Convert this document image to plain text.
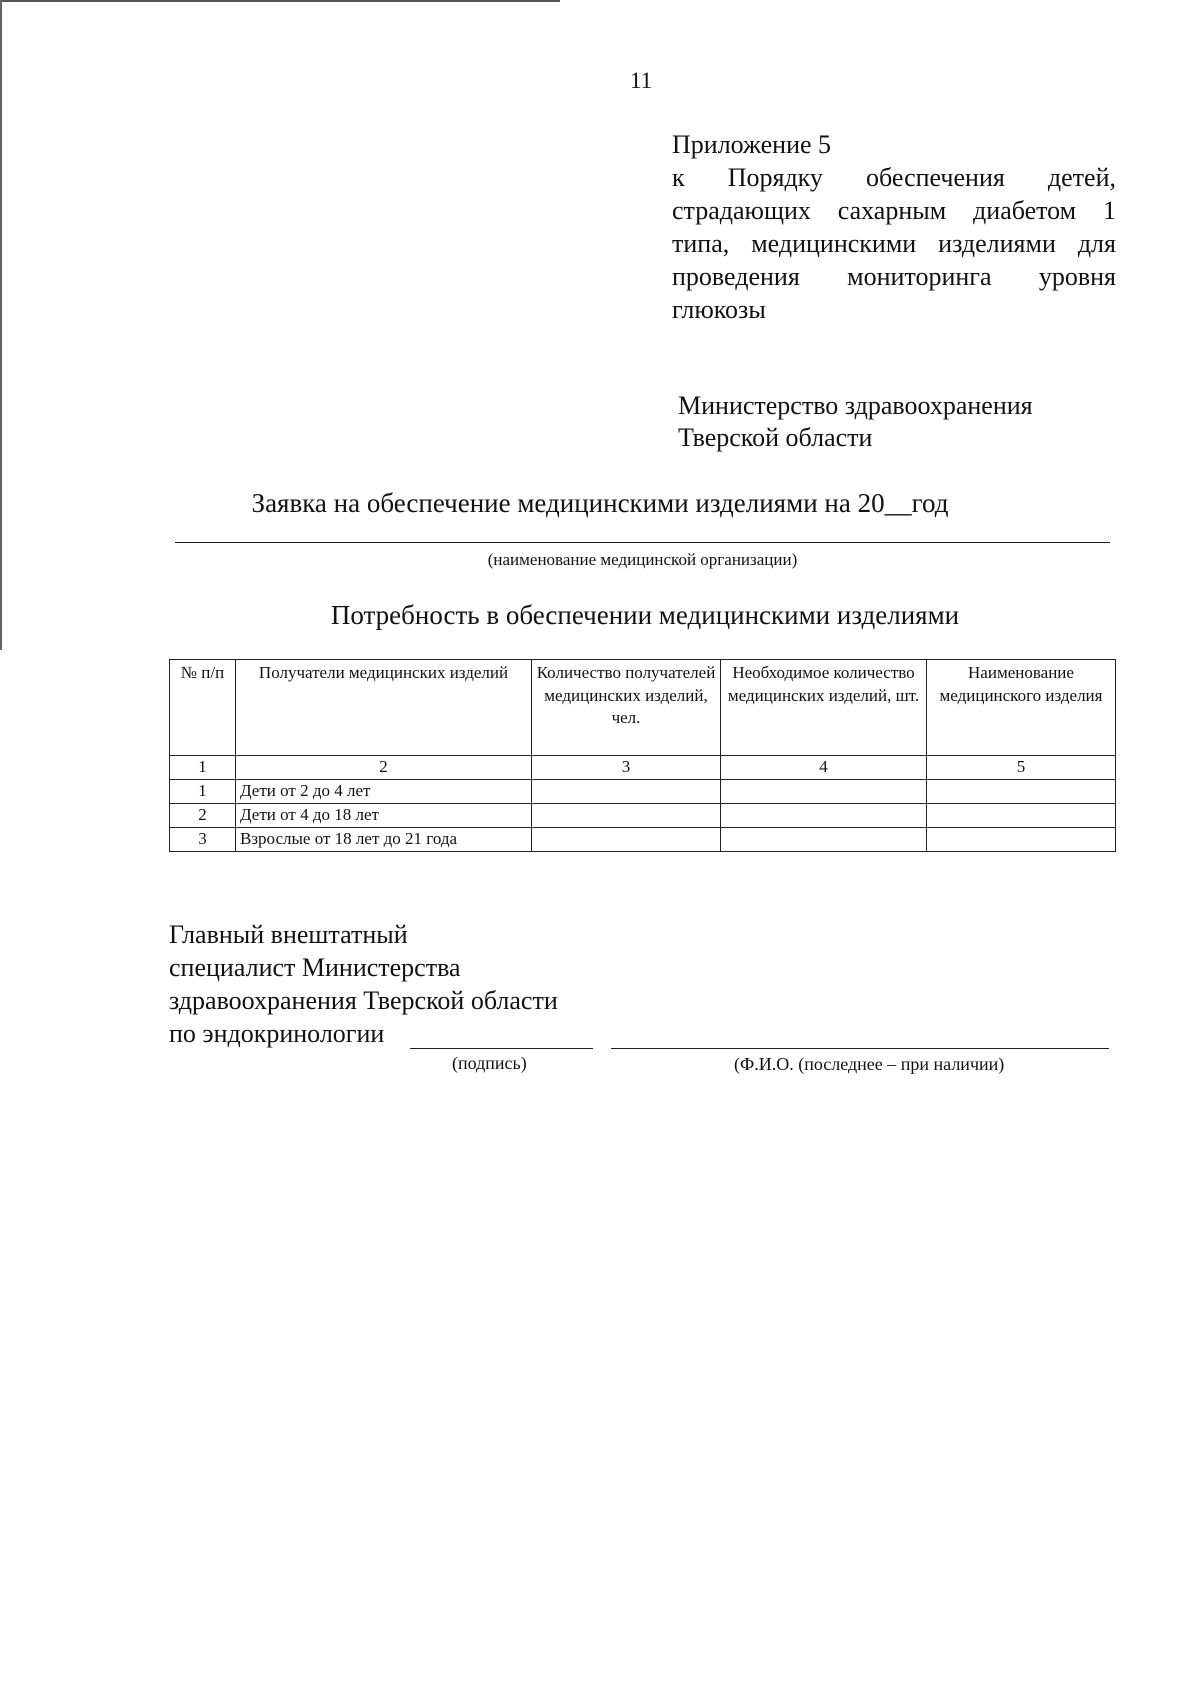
11
Приложение 5
к Порядку обеспечения детей, страдающих сахарным диабетом 1 типа, медицинскими изделиями для проведения мониторинга уровня глюкозы
Министерство здравоохранения
Тверской области
Заявка на обеспечение медицинскими изделиями на 20__год
(наименование медицинской организации)
Потребность в обеспечении медицинскими изделиями
№ п/п	Получатели медицинских изделий	Количество получателей медицинских изделий, чел.	Необходимое количество медицинских изделий, шт.	Наименование медицинского изделия
1	2	3	4	5
1	Дети от 2 до 4 лет			
2	Дети от 4 до 18 лет			
3	Взрослые от 18 лет до 21 года			
Главный внештатный
специалист Министерства
здравоохранения Тверской области
по эндокринологии
(подпись)	(Ф.И.О. (последнее – при наличии)
